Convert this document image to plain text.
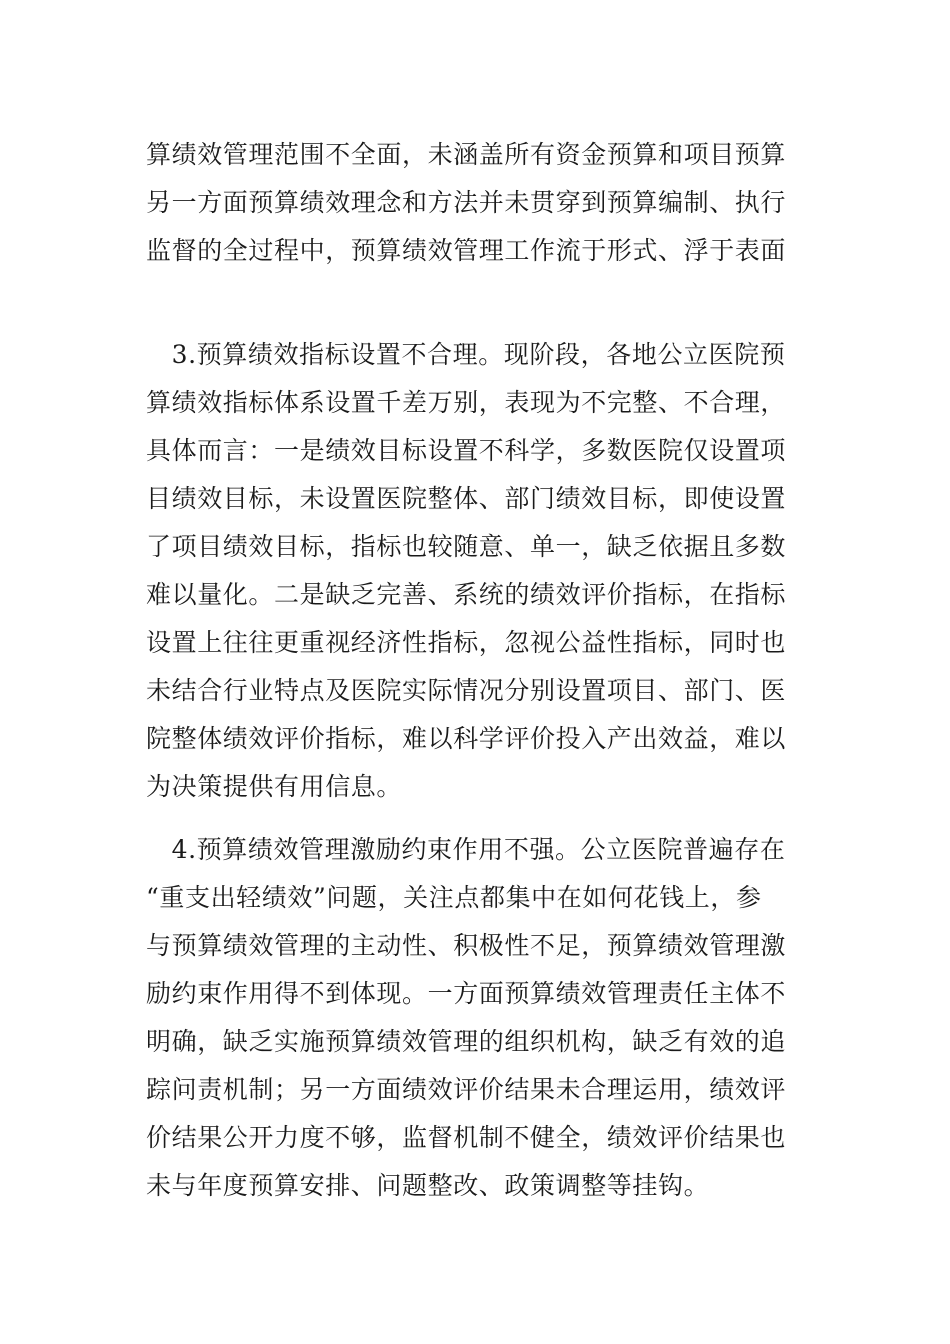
算绩效管理范围不全面，未涵盖所有资金预算和项目预算
另一方面预算绩效理念和方法并未贯穿到预算编制、执行
监督的全过程中，预算绩效管理工作流于形式、浮于表面
　3.预算绩效指标设置不合理。现阶段，各地公立医院预
算绩效指标体系设置千差万别，表现为不完整、不合理，
具体而言：一是绩效目标设置不科学，多数医院仅设置项
目绩效目标，未设置医院整体、部门绩效目标，即使设置
了项目绩效目标，指标也较随意、单一，缺乏依据且多数
难以量化。二是缺乏完善、系统的绩效评价指标，在指标
设置上往往更重视经济性指标，忽视公益性指标，同时也
未结合行业特点及医院实际情况分别设置项目、部门、医
院整体绩效评价指标，难以科学评价投入产出效益，难以
为决策提供有用信息。
　4.预算绩效管理激励约束作用不强。公立医院普遍存在
“重支出轻绩效”问题，关注点都集中在如何花钱上，参
与预算绩效管理的主动性、积极性不足，预算绩效管理激
励约束作用得不到体现。一方面预算绩效管理责任主体不
明确，缺乏实施预算绩效管理的组织机构，缺乏有效的追
踪问责机制；另一方面绩效评价结果未合理运用，绩效评
价结果公开力度不够，监督机制不健全，绩效评价结果也
未与年度预算安排、问题整改、政策调整等挂钩。
